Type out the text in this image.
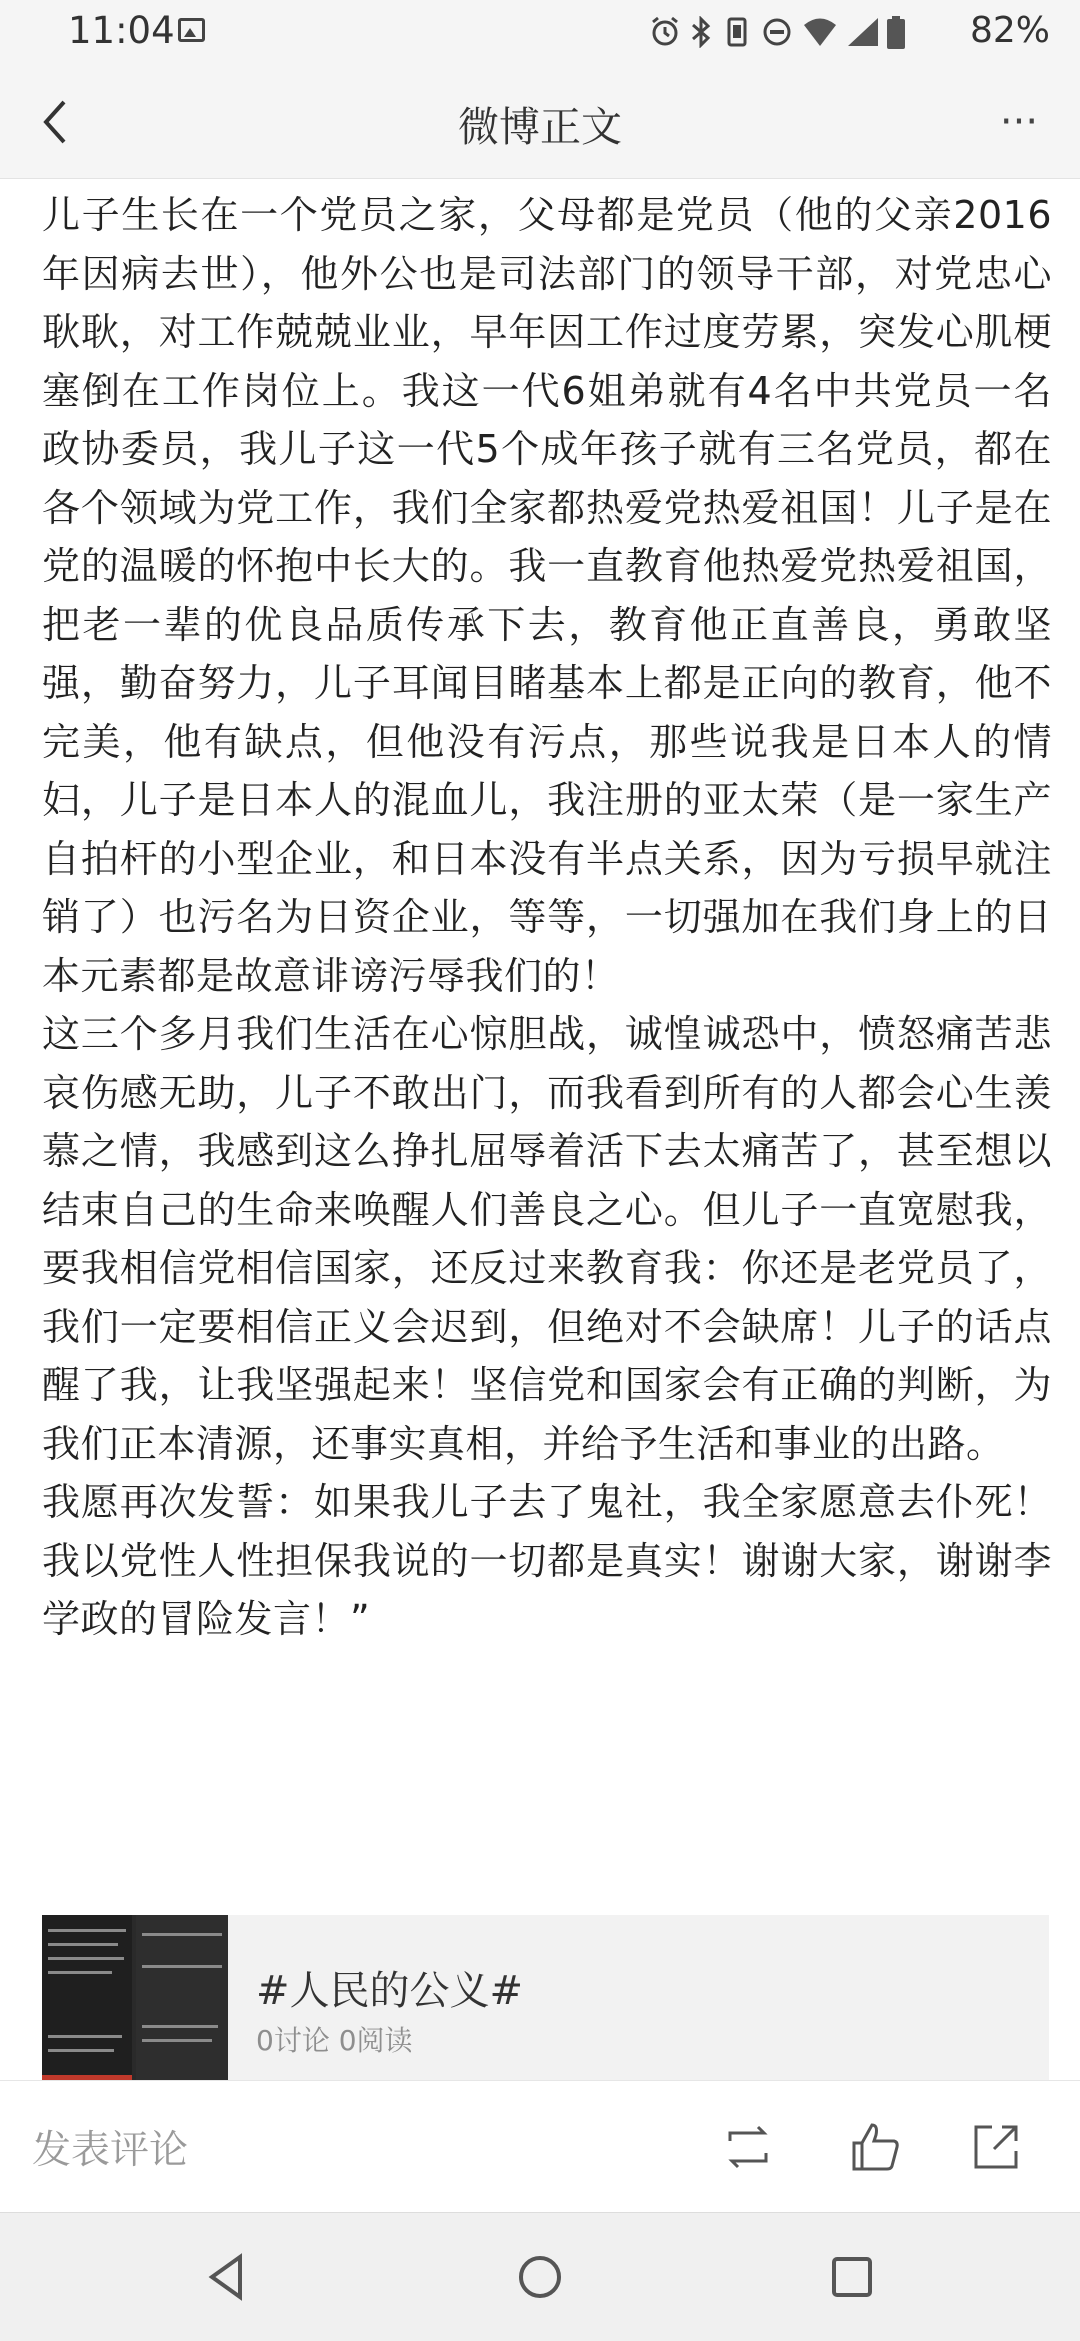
11:04	82%
微博正文	···

儿子生长在一个党员之家，父母都是党员（他的父亲2016年因病去世），他外公也是司法部门的领导干部，对党忠心耿耿，对工作兢兢业业，早年因工作过度劳累，突发心肌梗塞倒在工作岗位上。我这一代6姐弟就有4名中共党员一名政协委员，我儿子这一代5个成年孩子就有三名党员，都在各个领域为党工作，我们全家都热爱党热爱祖国！儿子是在党的温暖的怀抱中长大的。我一直教育他热爱党热爱祖国，把老一辈的优良品质传承下去，教育他正直善良，勇敢坚强，勤奋努力，儿子耳闻目睹基本上都是正向的教育，他不完美，他有缺点，但他没有污点，那些说我是日本人的情妇，儿子是日本人的混血儿，我注册的亚太荣（是一家生产自拍杆的小型企业，和日本没有半点关系，因为亏损早就注销了）也污名为日资企业，等等，一切强加在我们身上的日本元素都是故意诽谤污辱我们的！

这三个多月我们生活在心惊胆战，诚惶诚恐中，愤怒痛苦悲哀伤感无助，儿子不敢出门，而我看到所有的人都会心生羡慕之情，我感到这么挣扎屈辱着活下去太痛苦了，甚至想以结束自己的生命来唤醒人们善良之心。但儿子一直宽慰我，要我相信党相信国家，还反过来教育我：你还是老党员了，我们一定要相信正义会迟到，但绝对不会缺席！儿子的话点醒了我，让我坚强起来！坚信党和国家会有正确的判断，为我们正本清源，还事实真相，并给予生活和事业的出路。

我愿再次发誓：如果我儿子去了鬼社，我全家愿意去仆死！我以党性人性担保我说的一切都是真实！谢谢大家，谢谢李学政的冒险发言！”

#人民的公义#
0讨论 0阅读
发表评论
